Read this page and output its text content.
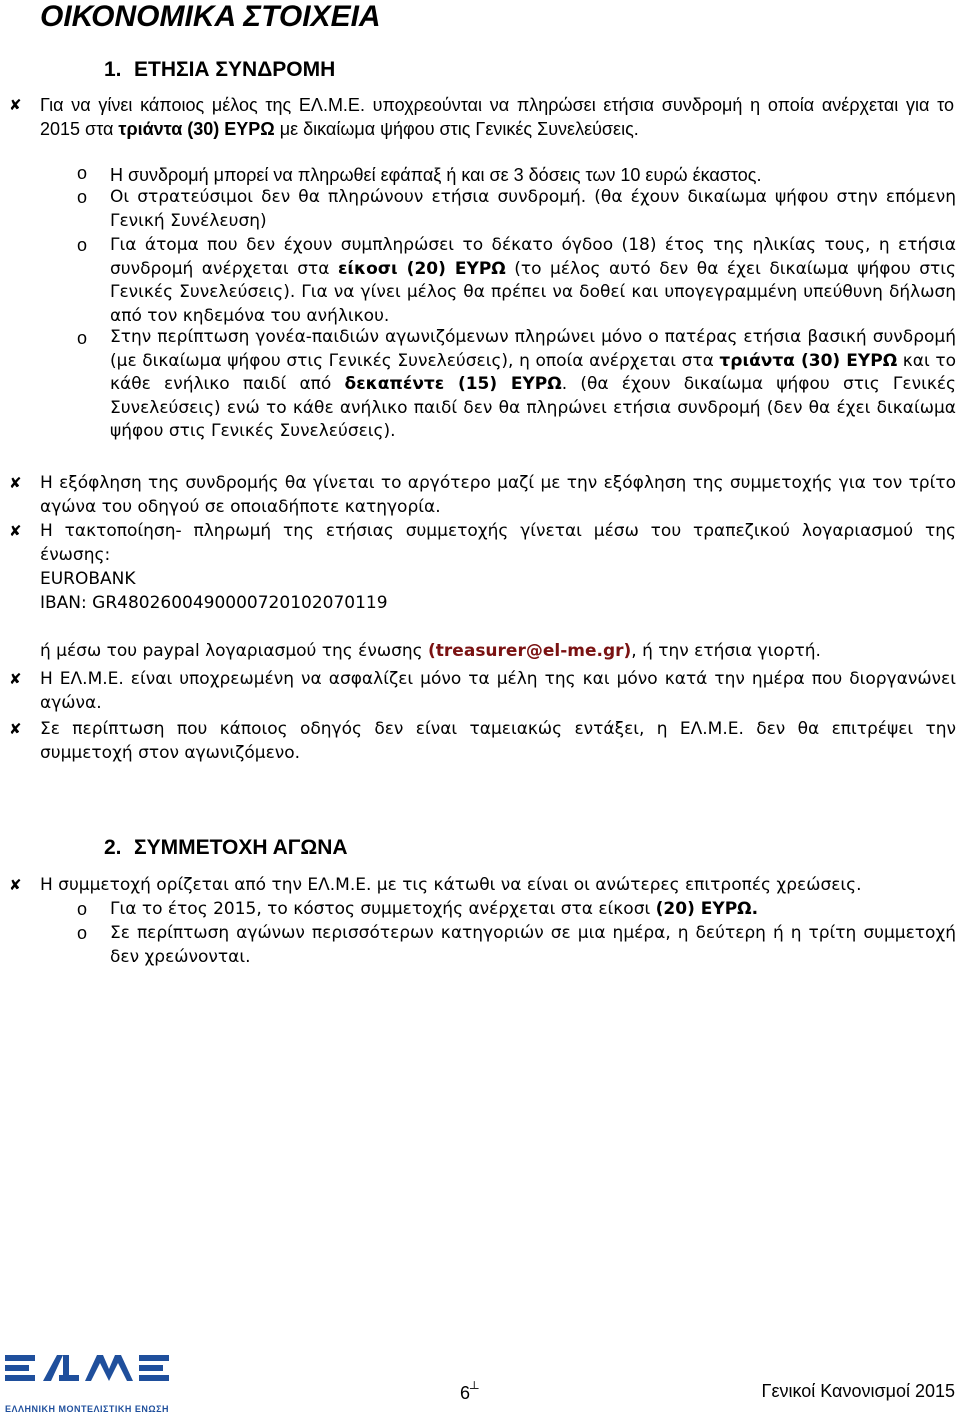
ΟΙΚΟΝΟΜΙΚΑ ΣΤΟΙΧΕΙΑ
1. ΕΤΗΣΙΑ ΣΥΝΔΡΟΜΗ
✘ Για να γίνει κάποιος μέλος της ΕΛ.Μ.Ε. υποχρεούνται να πληρώσει ετήσια συνδρομή η οποία ανέρχεται για το 2015 στα τριάντα (30) ΕΥΡΩ με δικαίωμα ψήφου στις Γενικές Συνελεύσεις.

o Η συνδρομή μπορεί να πληρωθεί εφάπαξ ή και σε 3 δόσεις των 10 ευρώ έκαστος.

o Οι στρατεύσιμοι δεν θα πληρώνουν ετήσια συνδρομή. (θα έχουν δικαίωμα ψήφου στην επόμενη Γενική Συνέλευση)

o Για άτομα που δεν έχουν συμπληρώσει το δέκατο όγδοο (18) έτος της ηλικίας τους, η ετήσια συνδρομή ανέρχεται στα είκοσι (20) ΕΥΡΩ (το μέλος αυτό δεν θα έχει δικαίωμα ψήφου στις Γενικές Συνελεύσεις). Για να γίνει μέλος θα πρέπει να δοθεί και υπογεγραμμένη υπεύθυνη δήλωση από τον κηδεμόνα του ανήλικου.

o Στην περίπτωση γονέα-παιδιών αγωνιζόμενων πληρώνει μόνο ο πατέρας ετήσια βασική συνδρομή (με δικαίωμα ψήφου στις Γενικές Συνελεύσεις), η οποία ανέρχεται στα τριάντα (30) ΕΥΡΩ και το κάθε ενήλικο παιδί από δεκαπέντε (15) ΕΥΡΩ. (θα έχουν δικαίωμα ψήφου στις Γενικές Συνελεύσεις) ενώ το κάθε ανήλικο παιδί δεν θα πληρώνει ετήσια συνδρομή (δεν θα έχει δικαίωμα ψήφου στις Γενικές Συνελεύσεις).

✘ Η εξόφληση της συνδρομής θα γίνεται το αργότερο μαζί με την εξόφληση της συμμετοχής για τον τρίτο αγώνα του οδηγού σε οποιαδήποτε κατηγορία.

✘ Η τακτοποίηση- πληρωμή της ετήσιας συμμετοχής γίνεται μέσω του τραπεζικού λογαριασμού της ένωσης:

EUROBANK

IBAN: GR4802600490000720102070119

ή μέσω του paypal λογαριασμού της ένωσης (treasurer@el-me.gr), ή την ετήσια γιορτή.

✘ Η ΕΛ.Μ.Ε. είναι υποχρεωμένη να ασφαλίζει μόνο τα μέλη της και μόνο κατά την ημέρα που διοργανώνει αγώνα.

✘ Σε περίπτωση που κάποιος οδηγός δεν είναι ταμειακώς εντάξει, η ΕΛ.Μ.Ε. δεν θα επιτρέψει την συμμετοχή στον αγωνιζόμενο.

2. ΣΥΜΜΕΤΟΧΗ ΑΓΩΝΑ
✘ Η συμμετοχή ορίζεται από την ΕΛ.Μ.Ε. με τις κάτωθι να είναι οι ανώτερες επιτροπές χρεώσεις.

o Για το έτος 2015, το κόστος συμμετοχής ανέρχεται στα είκοσι (20) ΕΥΡΩ.

o Σε περίπτωση αγώνων περισσότερων κατηγοριών σε μια ημέρα, η δεύτερη ή η τρίτη συμμετοχή δεν χρεώνονται.

ΕΛΛΗΝΙΚΗ ΜΟΝΤΕΛΙΣΤΙΚΗ ΕΝΩΣΗ
6┴	Γενικοί Κανονισμοί 2015
